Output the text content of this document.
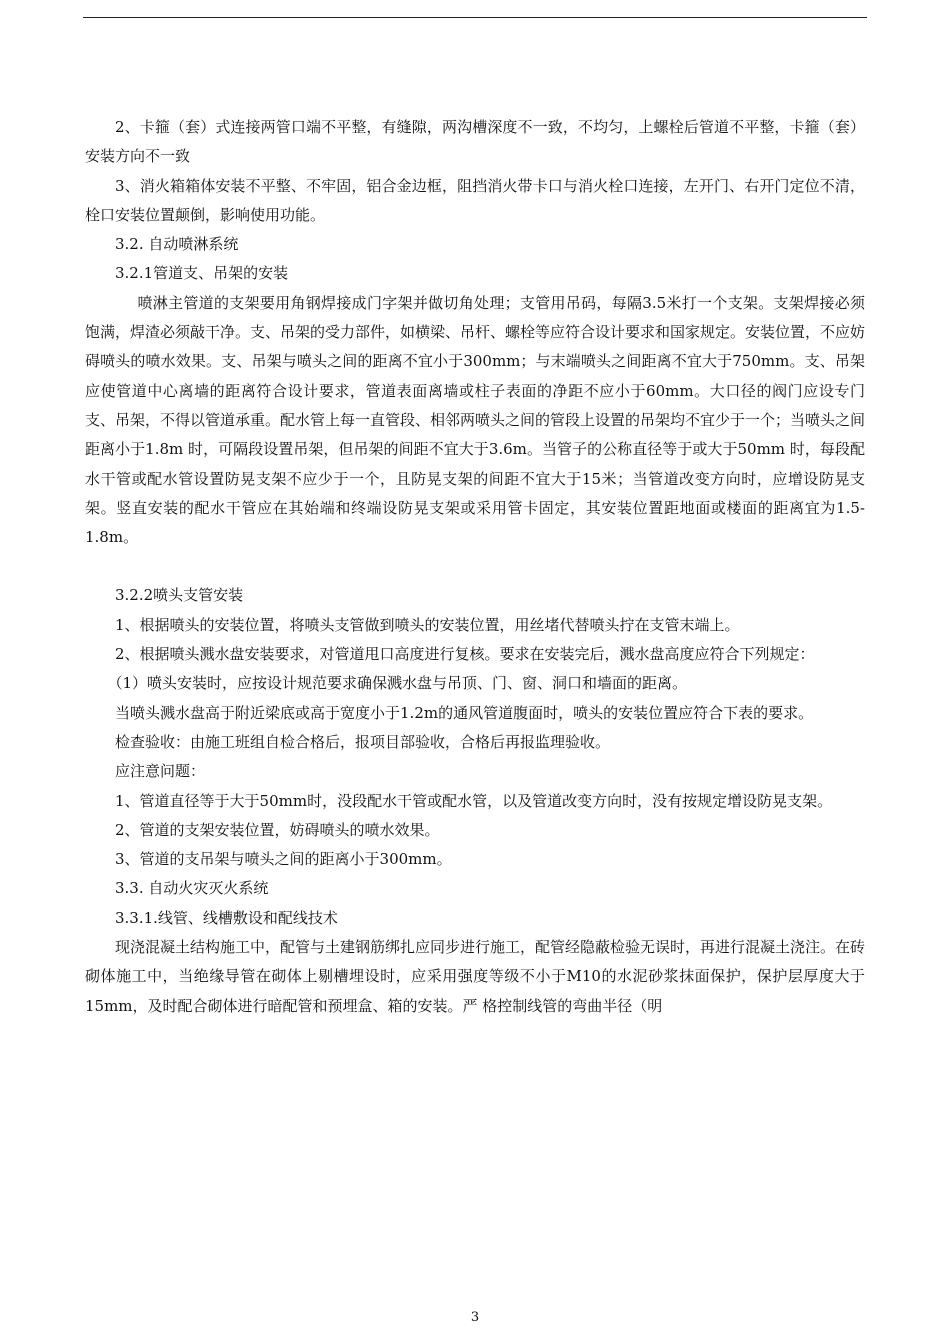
2、卡箍（套）式连接两管口端不平整，有缝隙，两沟槽深度不一致，不均匀，上螺栓后管道不平整，卡箍（套）安装方向不一致

3、消火箱箱体安装不平整、不牢固，铝合金边框，阻挡消火带卡口与消火栓口连接，左开门、右开门定位不清，栓口安装位置颠倒，影响使用功能。

3.2. 自动喷淋系统

3.2.1管道支、吊架的安装

喷淋主管道的支架要用角钢焊接成门字架并做切角处理；支管用吊码，每隔3.5米打一个支架。支架焊接必须饱满，焊渣必须敲干净。支、吊架的受力部件，如横梁、吊杆、螺栓等应符合设计要求和国家规定。安装位置，不应妨碍喷头的喷水效果。支、吊架与喷头之间的距离不宜小于300mm；与末端喷头之间距离不宜大于750mm。支、吊架应使管道中心离墙的距离符合设计要求，管道表面离墙或柱子表面的净距不应小于60mm。大口径的阀门应设专门支、吊架，不得以管道承重。配水管上每一直管段、相邻两喷头之间的管段上设置的吊架均不宜少于一个；当喷头之间距离小于1.8m 时，可隔段设置吊架，但吊架的间距不宜大于3.6m。当管子的公称直径等于或大于50mm 时，每段配水干管或配水管设置防晃支架不应少于一个，且防晃支架的间距不宜大于15米；当管道改变方向时，应增设防晃支架。竖直安装的配水干管应在其始端和终端设防晃支架或采用管卡固定，其安装位置距地面或楼面的距离宜为1.5-1.8m。

3.2.2喷头支管安装

1、根据喷头的安装位置，将喷头支管做到喷头的安装位置，用丝堵代替喷头拧在支管末端上。

2、根据喷头溅水盘安装要求，对管道甩口高度进行复核。要求在安装完后，溅水盘高度应符合下列规定：

（1）喷头安装时，应按设计规范要求确保溅水盘与吊顶、门、窗、洞口和墙面的距离。

当喷头溅水盘高于附近梁底或高于宽度小于1.2m的通风管道腹面时，喷头的安装位置应符合下表的要求。

检查验收：由施工班组自检合格后，报项目部验收，合格后再报监理验收。

应注意问题：

1、管道直径等于大于50mm时，没段配水干管或配水管，以及管道改变方向时，没有按规定增设防晃支架。

2、管道的支架安装位置，妨碍喷头的喷水效果。

3、管道的支吊架与喷头之间的距离小于300mm。

3.3. 自动火灾灭火系统

3.3.1.线管、线槽敷设和配线技术

现浇混凝土结构施工中，配管与土建钢筋绑扎应同步进行施工，配管经隐蔽检验无误时，再进行混凝土浇注。在砖砌体施工中，当绝缘导管在砌体上剔槽埋设时，应采用强度等级不小于M10的水泥砂浆抹面保护，保护层厚度大于15mm，及时配合砌体进行暗配管和预埋盒、箱的安装。严 格控制线管的弯曲半径（明

3
